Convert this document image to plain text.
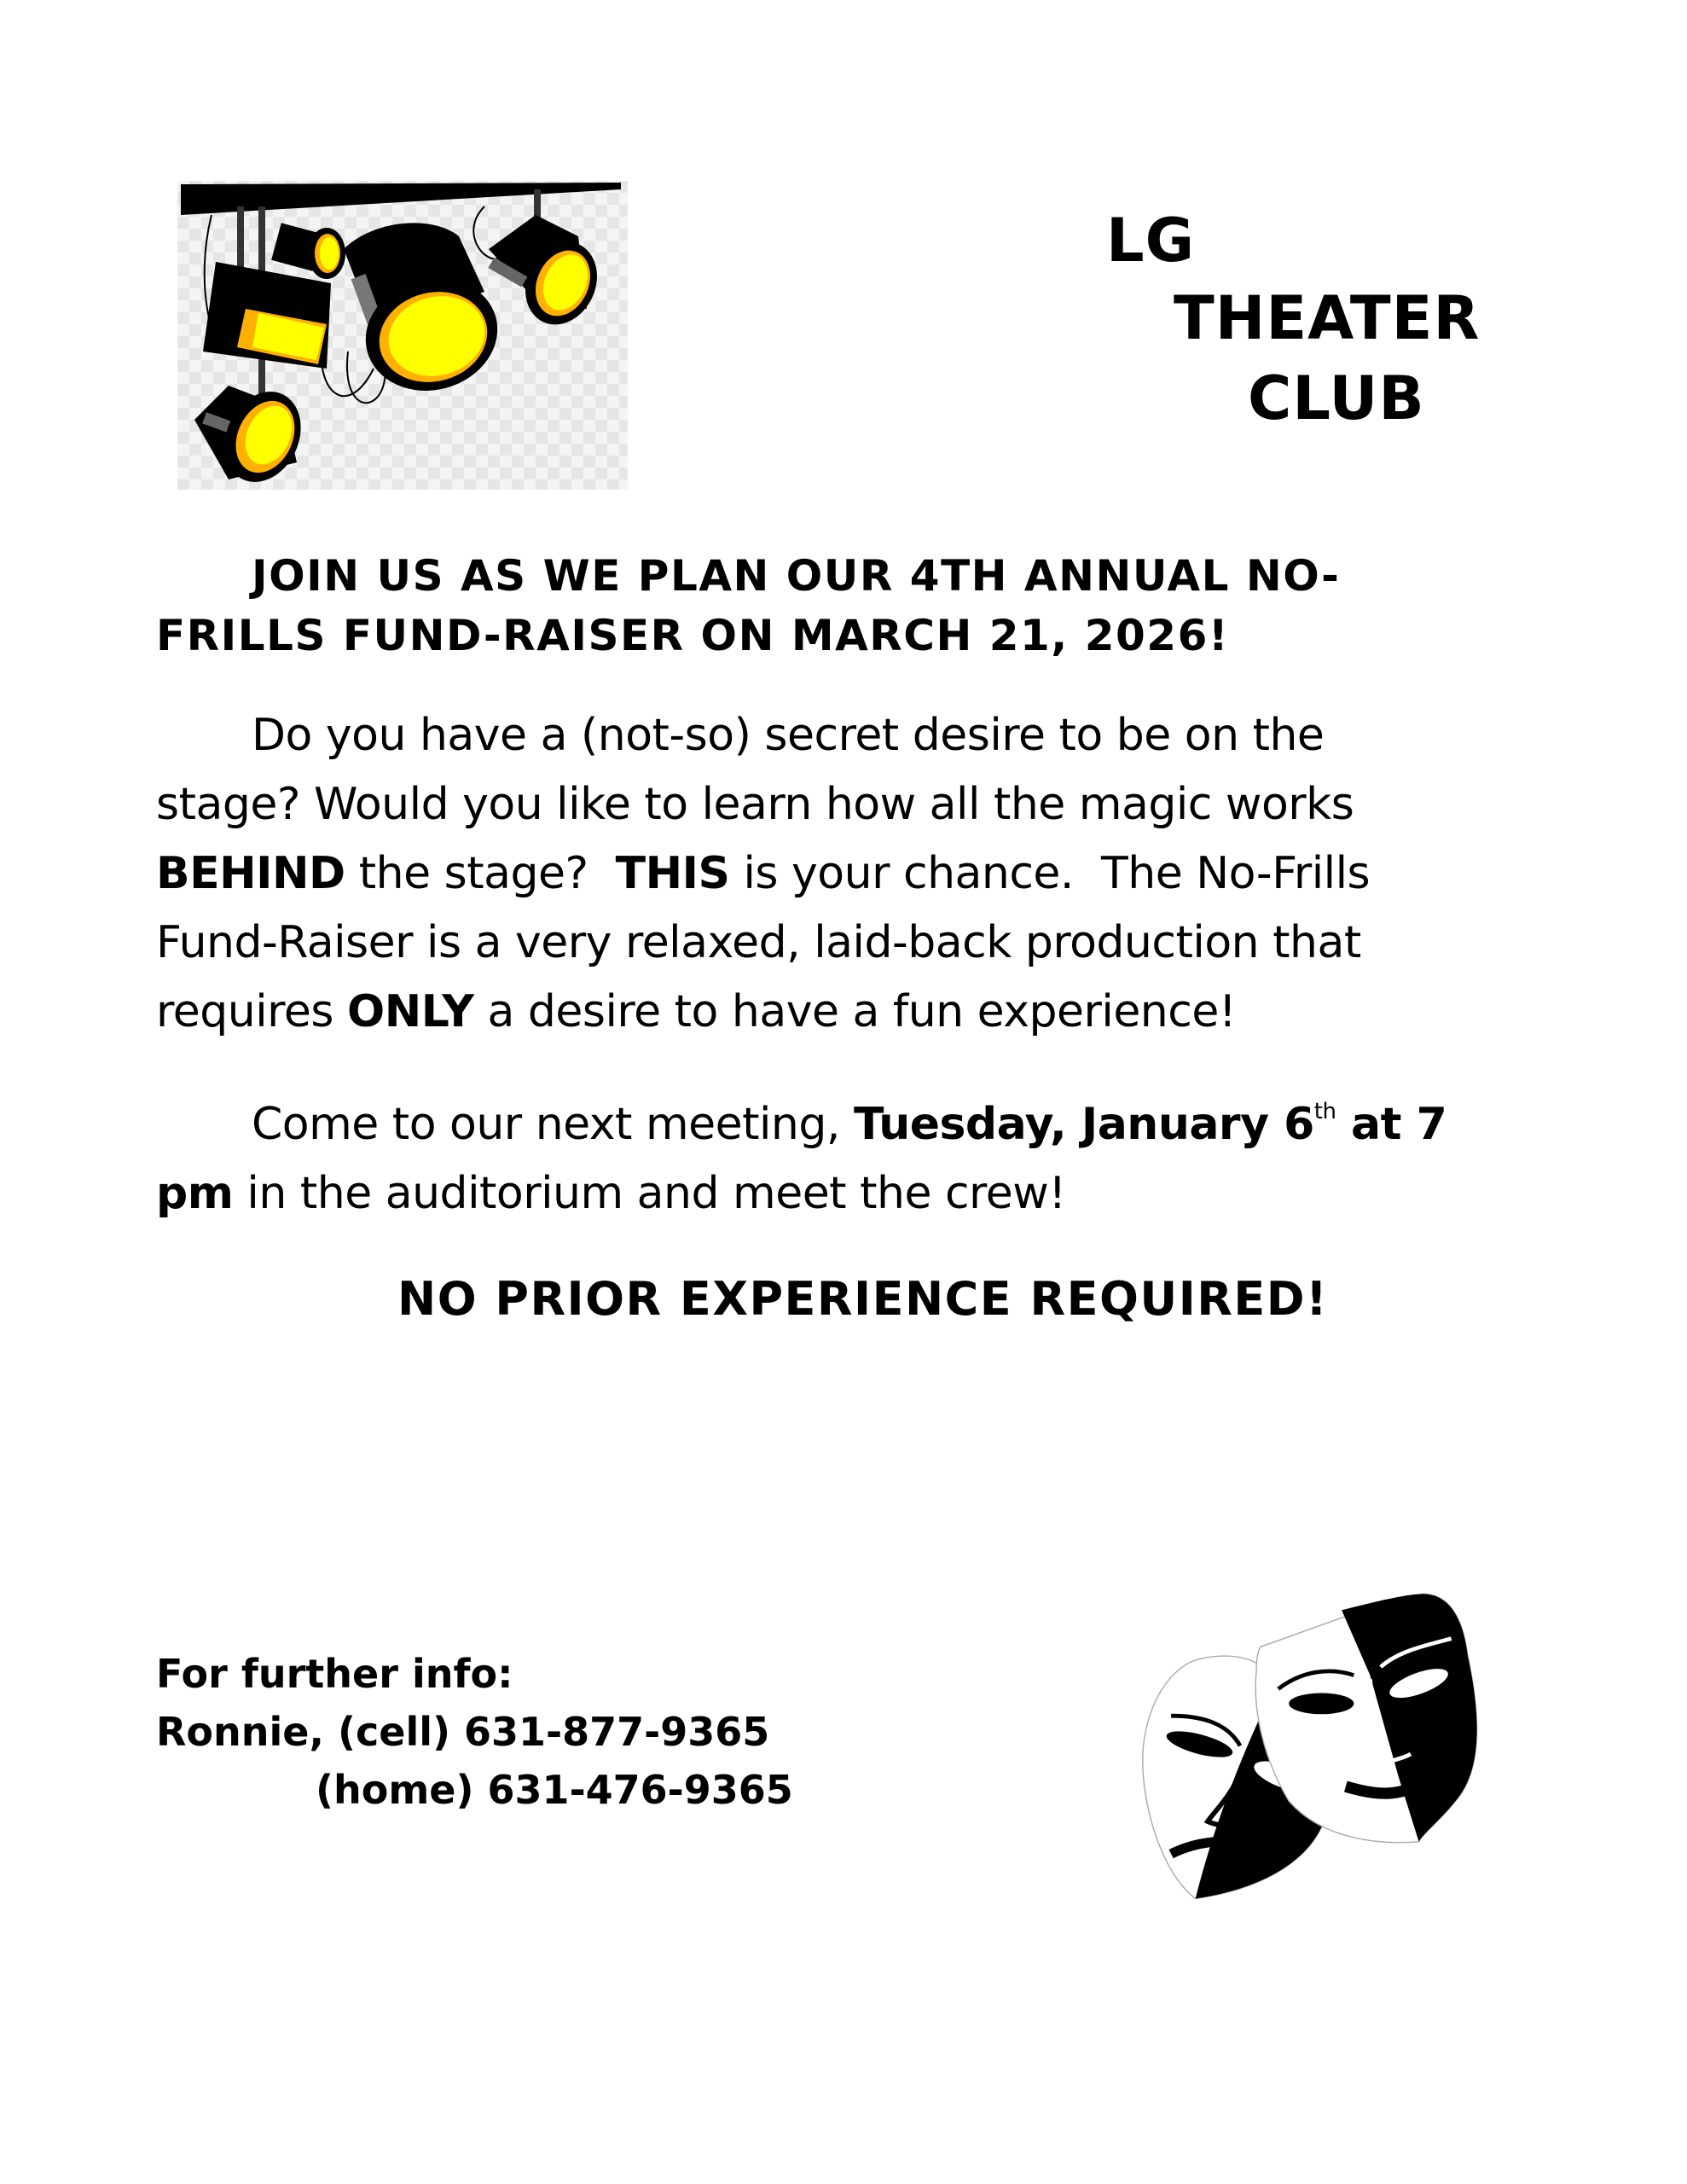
LG
THEATER
CLUB
JOIN US AS WE PLAN OUR 4TH ANNUAL NO-
FRILLS FUND-RAISER ON MARCH 21, 2026!
Do you have a (not-so) secret desire to be on the
stage? Would you like to learn how all the magic works
BEHIND the stage?  THIS is your chance.  The No-Frills
Fund-Raiser is a very relaxed, laid-back production that
requires ONLY a desire to have a fun experience!
Come to our next meeting, Tuesday, January 6th at 7
pm in the auditorium and meet the crew!
NO PRIOR EXPERIENCE REQUIRED!
For further info:
Ronnie, (cell) 631-877-9365
(home) 631-476-9365
